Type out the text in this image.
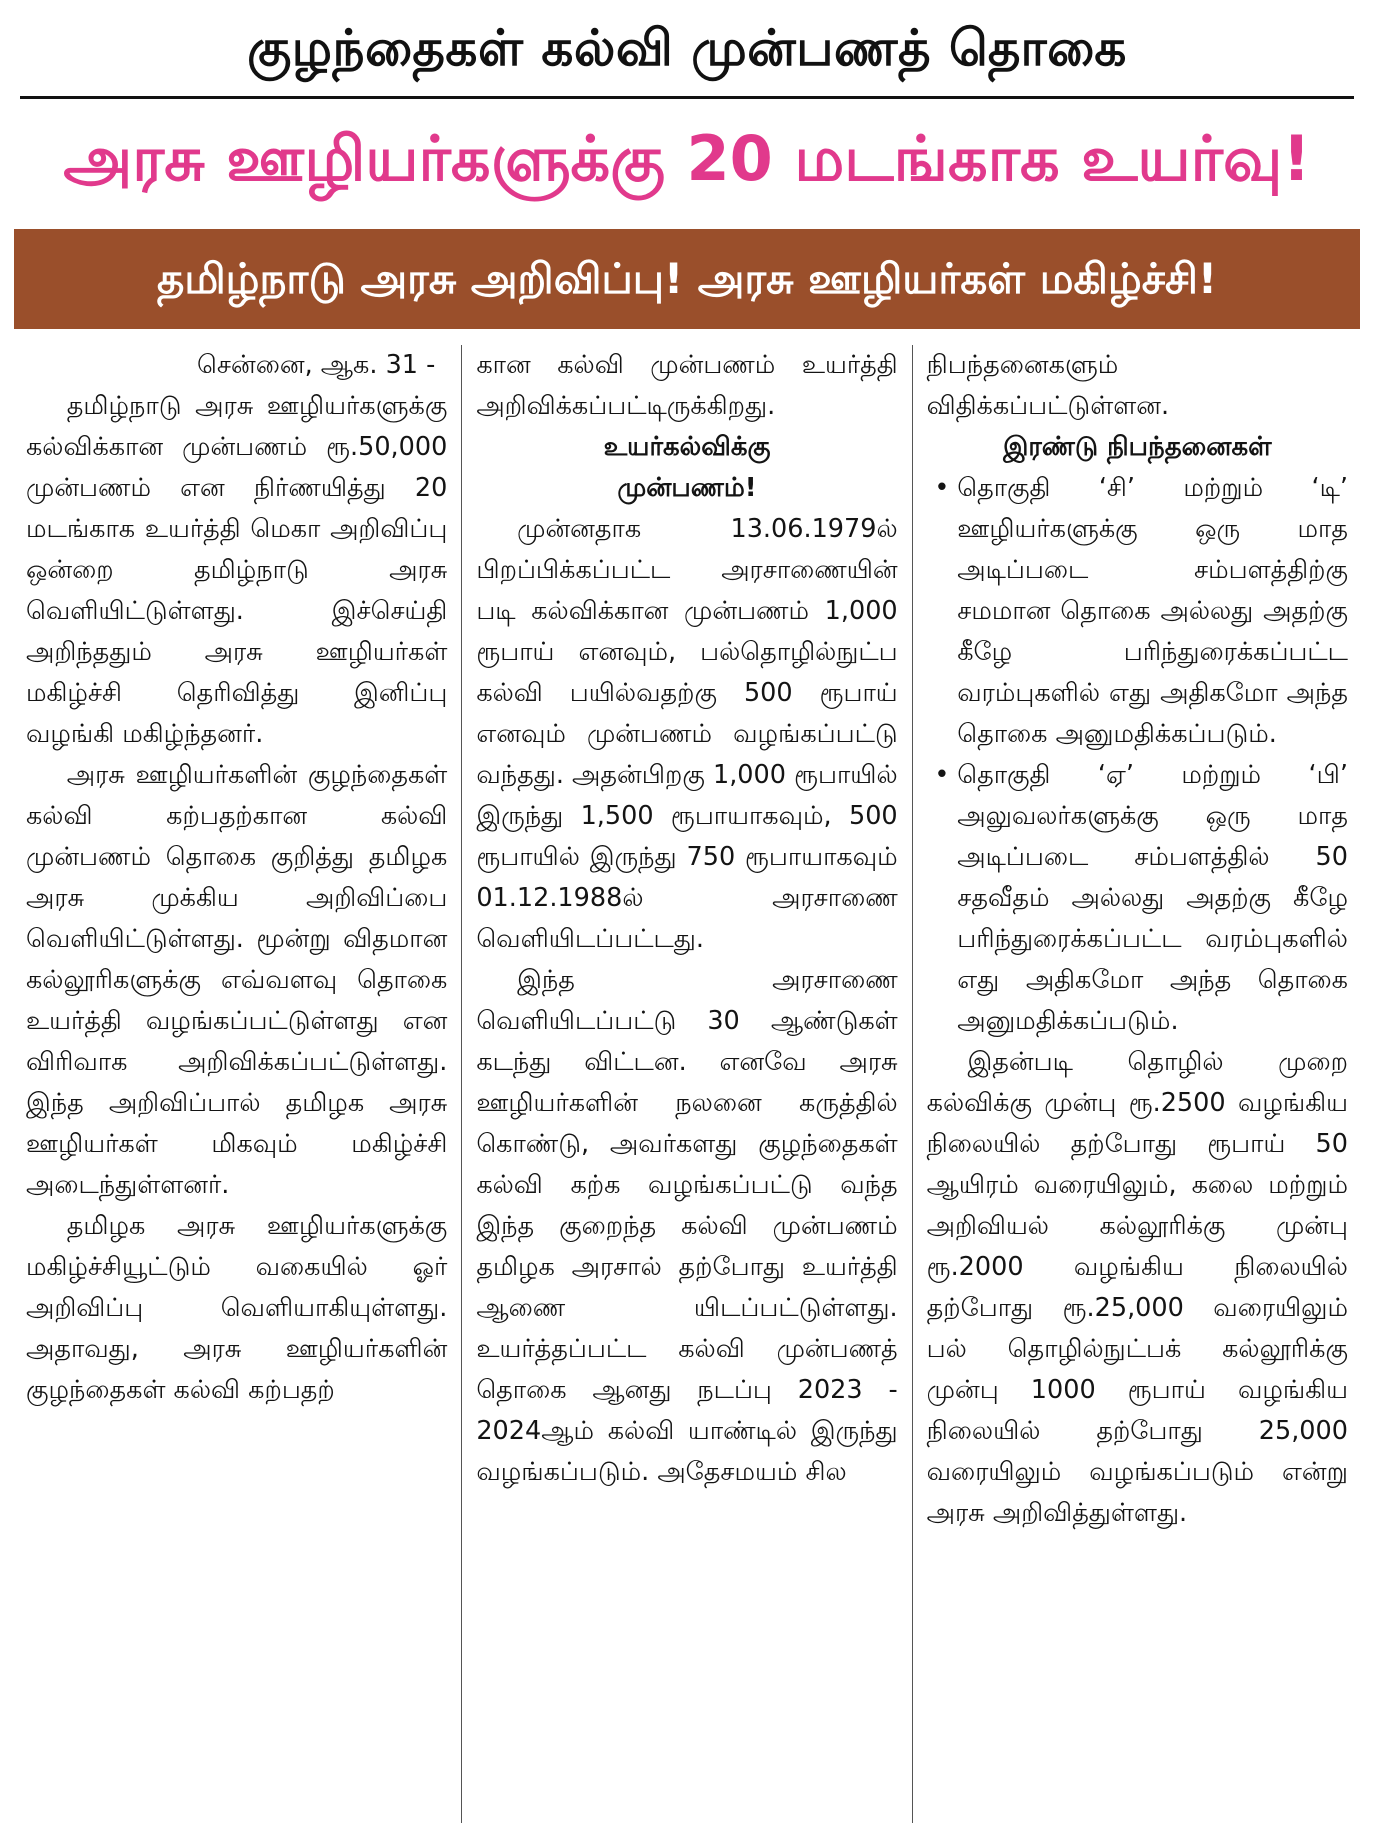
குழந்தைகள் கல்வி முன்பணத் தொகை
அரசு ஊழியர்களுக்கு 20 மடங்காக உயர்வு!
தமிழ்நாடு அரசு அறிவிப்பு! அரசு ஊழியர்கள் மகிழ்ச்சி!
சென்னை, ஆக. 31 -

தமிழ்நாடு அரசு ஊழியர்களுக்கு கல்விக்கான முன்பணம் ரூ.50,000 முன்பணம் என நிர்ணயித்து 20 மடங்காக உயர்த்தி மெகா அறிவிப்பு ஒன்றை தமிழ்நாடு அரசு வெளியிட்டுள்ளது. இச்செய்தி அறிந்ததும் அரசு ஊழியர்கள் மகிழ்ச்சி தெரிவித்து இனிப்பு வழங்கி மகிழ்ந்தனர்.

அரசு ஊழியர்களின் குழந்தைகள் கல்வி கற்பதற்கான கல்வி முன்பணம் தொகை குறித்து தமிழக அரசு முக்கிய அறிவிப்பை வெளியிட்டுள்ளது. மூன்று விதமான கல்லூரிகளுக்கு எவ்வளவு தொகை உயர்த்தி வழங்கப்பட்டுள்ளது என விரிவாக அறிவிக்கப்பட்டுள்ளது. இந்த அறிவிப்பால் தமிழக அரசு ஊழியர்கள் மிகவும் மகிழ்ச்சி அடைந்துள்ளனர்.

தமிழக அரசு ஊழியர்களுக்கு மகிழ்ச்சியூட்டும் வகையில் ஓர் அறிவிப்பு வெளியாகியுள்ளது. அதாவது, அரசு ஊழியர்களின் குழந்தைகள் கல்வி கற்பதற்

கான கல்வி முன்பணம் உயர்த்தி அறிவிக்கப்பட்டிருக்கிறது.

உயர்கல்விக்கு
முன்பணம்!

முன்னதாக 13.06.1979ல் பிறப்பிக்கப்பட்ட அரசாணையின் படி கல்விக்கான முன்பணம் 1,000 ரூபாய் எனவும், பல்தொழில்நுட்ப கல்வி பயில்வதற்கு 500 ரூபாய் எனவும் முன்பணம் வழங்கப்பட்டு வந்தது. அதன்பிறகு 1,000 ரூபாயில் இருந்து 1,500 ரூபாயாகவும், 500 ரூபாயில் இருந்து 750 ரூபாயாகவும் 01.12.1988ல் அரசாணை வெளியிடப்பட்டது.

இந்த அரசாணை வெளியிடப்பட்டு 30 ஆண்டுகள் கடந்து விட்டன. எனவே அரசு ஊழியர்களின் நலனை கருத்தில் கொண்டு, அவர்களது குழந்தைகள் கல்வி கற்க வழங்கப்பட்டு வந்த இந்த குறைந்த கல்வி முன்பணம் தமிழக அரசால் தற்போது உயர்த்தி ஆணை யிடப்பட்டுள்ளது. உயர்த்தப்பட்ட கல்வி முன்பணத் தொகை ஆனது நடப்பு 2023 - 2024ஆம் கல்வி யாண்டில் இருந்து வழங்கப்படும். அதேசமயம் சில

நிபந்தனைகளும் விதிக்கப்பட்டுள்ளன.

இரண்டு நிபந்தனைகள்
• தொகுதி ‘சி’ மற்றும் ‘டி’ ஊழியர்களுக்கு ஒரு மாத அடிப்படை சம்பளத்திற்கு சமமான தொகை அல்லது அதற்கு கீழே பரிந்துரைக்கப்பட்ட வரம்புகளில் எது அதிகமோ அந்த தொகை அனுமதிக்கப்படும்.
• தொகுதி ‘ஏ’ மற்றும் ‘பி’ அலுவலர்களுக்கு ஒரு மாத அடிப்படை சம்பளத்தில் 50 சதவீதம் அல்லது அதற்கு கீழே பரிந்துரைக்கப்பட்ட வரம்புகளில் எது அதிகமோ அந்த தொகை அனுமதிக்கப்படும்.

இதன்படி தொழில் முறை கல்விக்கு முன்பு ரூ.2500 வழங்கிய நிலையில் தற்போது ரூபாய் 50 ஆயிரம் வரையிலும், கலை மற்றும் அறிவியல் கல்லூரிக்கு முன்பு ரூ.2000 வழங்கிய நிலையில் தற்போது ரூ.25,000 வரையிலும் பல் தொழில்நுட்பக் கல்லூரிக்கு முன்பு 1000 ரூபாய் வழங்கிய நிலையில் தற்போது 25,000 வரையிலும் வழங்கப்படும் என்று அரசு அறிவித்துள்ளது.
